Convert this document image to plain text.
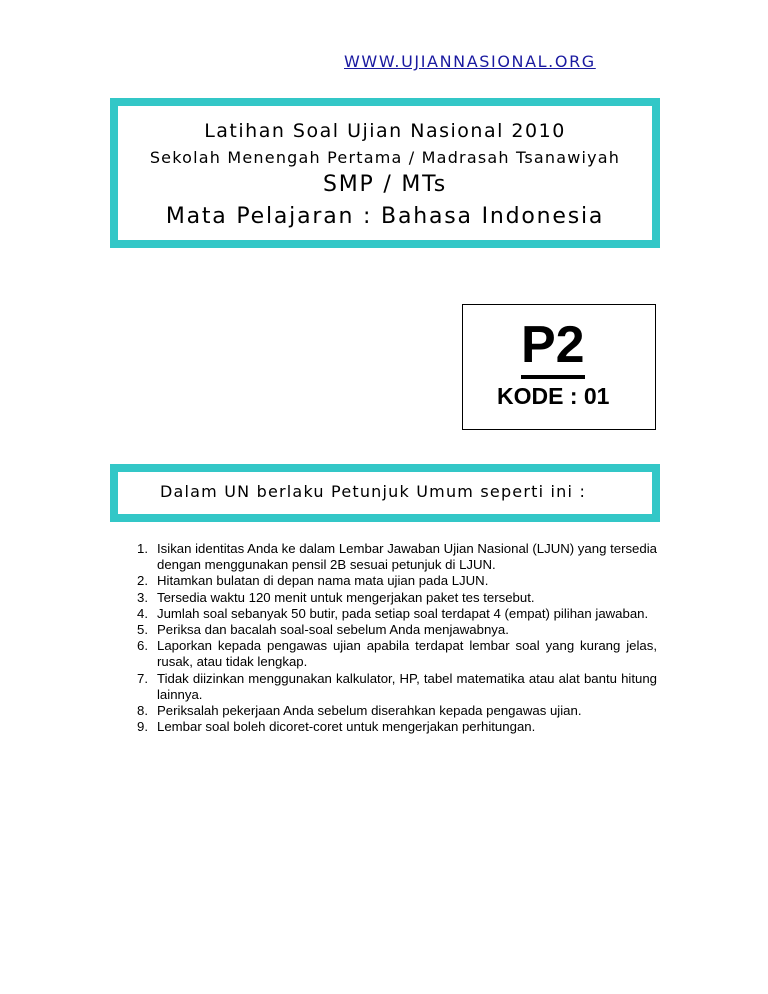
WWW.UJIANNASIONAL.ORG
Latihan Soal Ujian Nasional 2010
Sekolah Menengah Pertama / Madrasah Tsanawiyah
SMP / MTs
Mata Pelajaran : Bahasa Indonesia
P2
KODE : 01
Dalam UN berlaku Petunjuk Umum seperti ini :
1. Isikan identitas Anda ke dalam Lembar Jawaban Ujian Nasional (LJUN) yang tersedia dengan menggunakan pensil 2B sesuai petunjuk di LJUN.
2. Hitamkan bulatan di depan nama mata ujian pada LJUN.
3. Tersedia waktu 120 menit untuk mengerjakan paket tes tersebut.
4. Jumlah soal sebanyak 50 butir, pada setiap soal terdapat 4 (empat) pilihan jawaban.
5. Periksa dan bacalah soal-soal sebelum Anda menjawabnya.
6. Laporkan kepada pengawas ujian apabila terdapat lembar soal yang kurang jelas, rusak, atau tidak lengkap.
7. Tidak diizinkan menggunakan kalkulator, HP, tabel matematika atau alat bantu hitung lainnya.
8. Periksalah pekerjaan Anda sebelum diserahkan kepada pengawas ujian.
9. Lembar soal boleh dicoret-coret untuk mengerjakan perhitungan.
